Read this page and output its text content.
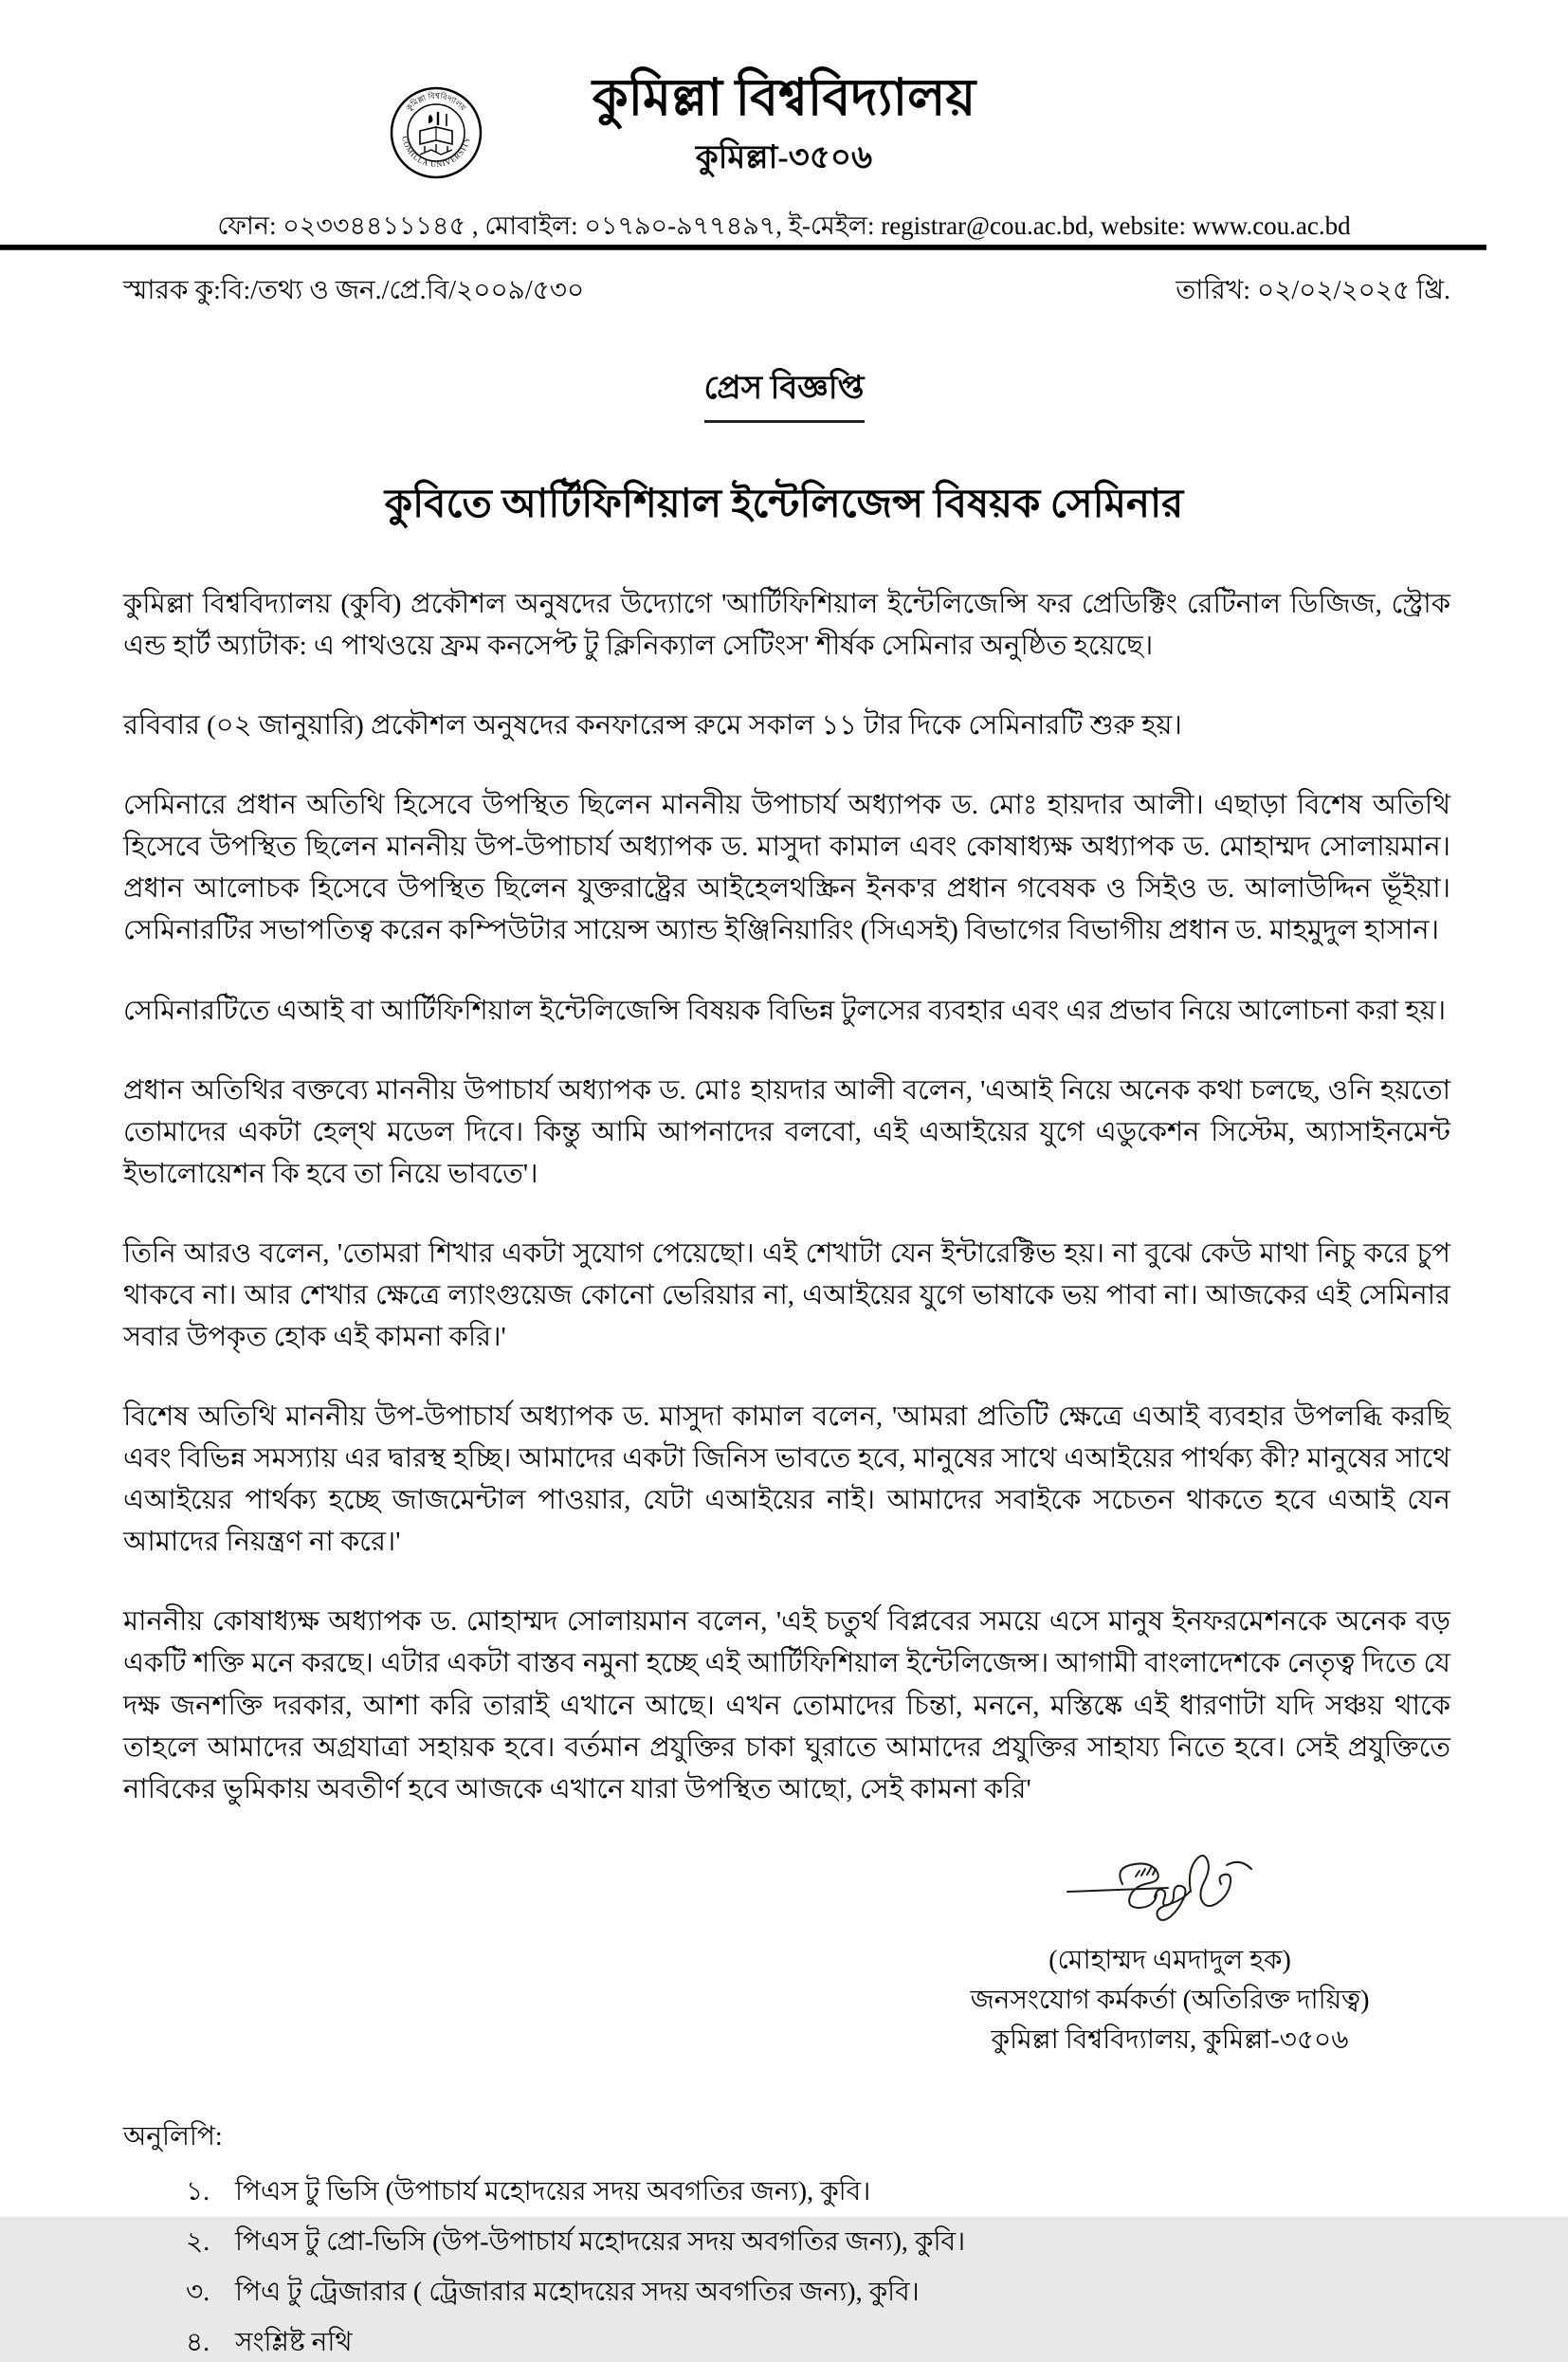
কুমিল্লা বিশ্ববিদ্যালয়
COMILLA UNIVERSITY
কুমিল্লা বিশ্ববিদ্যালয়
কুমিল্লা-৩৫০৬
ফোন: ০২৩৩৪৪১১১৪৫ , মোবাইল: ০১৭৯০-৯৭৭৪৯৭, ই-মেইল: registrar@cou.ac.bd, website: www.cou.ac.bd
স্মারক কু:বি:/তথ্য ও জন./প্রে.বি/২০০৯/৫৩০	তারিখ: ০২/০২/২০২৫ খ্রি.
প্রেস বিজ্ঞপ্তি
কুবিতে আর্টিফিশিয়াল ইন্টেলিজেন্স বিষয়ক সেমিনার

কুমিল্লা বিশ্ববিদ্যালয় (কুবি) প্রকৌশল অনুষদের উদ্যোগে 'আর্টিফিশিয়াল ইন্টেলিজেন্সি ফর প্রেডিক্টিং রেটিনাল ডিজিজ, স্ট্রোক এন্ড হার্ট অ্যাটাক: এ পাথওয়ে ফ্রম কনসেপ্ট টু ক্লিনিক্যাল সেটিংস' শীর্ষক সেমিনার অনুষ্ঠিত হয়েছে।

রবিবার (০২ জানুয়ারি) প্রকৌশল অনুষদের কনফারেন্স রুমে সকাল ১১ টার দিকে সেমিনারটি শুরু হয়।

সেমিনারে প্রধান অতিথি হিসেবে উপস্থিত ছিলেন মাননীয় উপাচার্য অধ্যাপক ড. মোঃ হায়দার আলী। এছাড়া বিশেষ অতিথি হিসেবে উপস্থিত ছিলেন মাননীয় উপ-উপাচার্য অধ্যাপক ড. মাসুদা কামাল এবং কোষাধ্যক্ষ অধ্যাপক ড. মোহাম্মদ সোলায়মান। প্রধান আলোচক হিসেবে উপস্থিত ছিলেন যুক্তরাষ্ট্রের আইহেলথস্ক্রিন ইনক'র প্রধান গবেষক ও সিইও ড. আলাউদ্দিন ভূঁইয়া। সেমিনারটির সভাপতিত্ব করেন কম্পিউটার সায়েন্স অ্যান্ড ইঞ্জিনিয়ারিং (সিএসই) বিভাগের বিভাগীয় প্রধান ড. মাহমুদুল হাসান।

সেমিনারটিতে এআই বা আর্টিফিশিয়াল ইন্টেলিজেন্সি বিষয়ক বিভিন্ন টুলসের ব্যবহার এবং এর প্রভাব নিয়ে আলোচনা করা হয়।

প্রধান অতিথির বক্তব্যে মাননীয় উপাচার্য অধ্যাপক ড. মোঃ হায়দার আলী বলেন, 'এআই নিয়ে অনেক কথা চলছে, ওনি হয়তো তোমাদের একটা হেল্থ মডেল দিবে। কিন্তু আমি আপনাদের বলবো, এই এআইয়ের যুগে এডুকেশন সিস্টেম, অ্যাসাইনমেন্ট ইভালোয়েশন কি হবে তা নিয়ে ভাবতে'।

তিনি আরও বলেন, 'তোমরা শিখার একটা সুযোগ পেয়েছো। এই শেখাটা যেন ইন্টারেক্টিভ হয়। না বুঝে কেউ মাথা নিচু করে চুপ থাকবে না। আর শেখার ক্ষেত্রে ল্যাংগুয়েজ কোনো ভেরিয়ার না, এআইয়ের যুগে ভাষাকে ভয় পাবা না। আজকের এই সেমিনার সবার উপকৃত হোক এই কামনা করি।'

বিশেষ অতিথি মাননীয় উপ-উপাচার্য অধ্যাপক ড. মাসুদা কামাল বলেন, 'আমরা প্রতিটি ক্ষেত্রে এআই ব্যবহার উপলব্ধি করছি এবং বিভিন্ন সমস্যায় এর দ্বারস্থ হচ্ছি। আমাদের একটা জিনিস ভাবতে হবে, মানুষের সাথে এআইয়ের পার্থক্য কী? মানুষের সাথে এআইয়ের পার্থক্য হচ্ছে জাজমেন্টাল পাওয়ার, যেটা এআইয়ের নাই। আমাদের সবাইকে সচেতন থাকতে হবে এআই যেন আমাদের নিয়ন্ত্রণ না করে।'

মাননীয় কোষাধ্যক্ষ অধ্যাপক ড. মোহাম্মদ সোলায়মান বলেন, 'এই চতুর্থ বিপ্লবের সময়ে এসে মানুষ ইনফরমেশনকে অনেক বড় একটি শক্তি মনে করছে। এটার একটা বাস্তব নমুনা হচ্ছে এই আর্টিফিশিয়াল ইন্টেলিজেন্স। আগামী বাংলাদেশকে নেতৃত্ব দিতে যে দক্ষ জনশক্তি দরকার, আশা করি তারাই এখানে আছে। এখন তোমাদের চিন্তা, মননে, মস্তিষ্কে এই ধারণাটা যদি সঞ্চয় থাকে তাহলে আমাদের অগ্রযাত্রা সহায়ক হবে। বর্তমান প্রযুক্তির চাকা ঘুরাতে আমাদের প্রযুক্তির সাহায্য নিতে হবে। সেই প্রযুক্তিতে নাবিকের ভুমিকায় অবতীর্ণ হবে আজকে এখানে যারা উপস্থিত আছো, সেই কামনা করি'

(মোহাম্মদ এমদাদুল হক)
জনসংযোগ কর্মকর্তা (অতিরিক্ত দায়িত্ব)
কুমিল্লা বিশ্ববিদ্যালয়, কুমিল্লা-৩৫০৬
অনুলিপি:
১. পিএস টু ভিসি (উপাচার্য মহোদয়ের সদয় অবগতির জন্য), কুবি।
২. পিএস টু প্রো-ভিসি (উপ-উপাচার্য মহোদয়ের সদয় অবগতির জন্য), কুবি।
৩. পিএ টু ট্রেজারার ( ট্রেজারার মহোদয়ের সদয় অবগতির জন্য), কুবি।
৪. সংশ্লিষ্ট নথি
